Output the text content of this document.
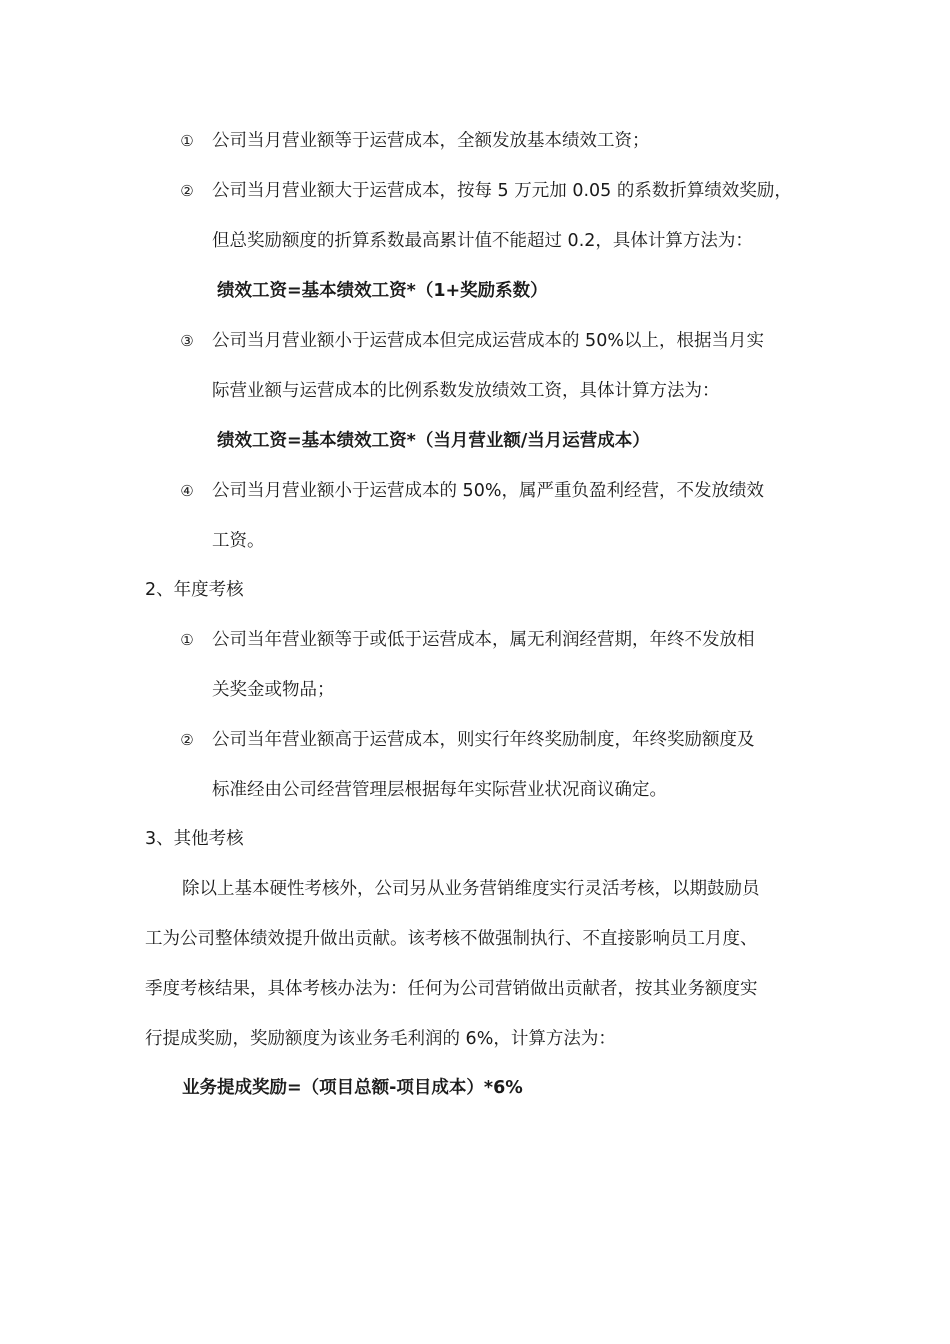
① 公司当月营业额等于运营成本，全额发放基本绩效工资；
② 公司当月营业额大于运营成本，按每 5 万元加 0.05 的系数折算绩效奖励，
但总奖励额度的折算系数最高累计值不能超过 0.2，具体计算方法为：
绩效工资=基本绩效工资*（1+奖励系数）
③ 公司当月营业额小于运营成本但完成运营成本的 50%以上，根据当月实
际营业额与运营成本的比例系数发放绩效工资，具体计算方法为：
绩效工资=基本绩效工资*（当月营业额/当月运营成本）
④ 公司当月营业额小于运营成本的 50%，属严重负盈利经营，不发放绩效
工资。
2、年度考核
① 公司当年营业额等于或低于运营成本，属无利润经营期，年终不发放相
关奖金或物品；
② 公司当年营业额高于运营成本，则实行年终奖励制度，年终奖励额度及
标准经由公司经营管理层根据每年实际营业状况商议确定。
3、其他考核
除以上基本硬性考核外，公司另从业务营销维度实行灵活考核，以期鼓励员
工为公司整体绩效提升做出贡献。该考核不做强制执行、不直接影响员工月度、
季度考核结果，具体考核办法为：任何为公司营销做出贡献者，按其业务额度实
行提成奖励，奖励额度为该业务毛利润的 6%，计算方法为：
业务提成奖励=（项目总额-项目成本）*6%
